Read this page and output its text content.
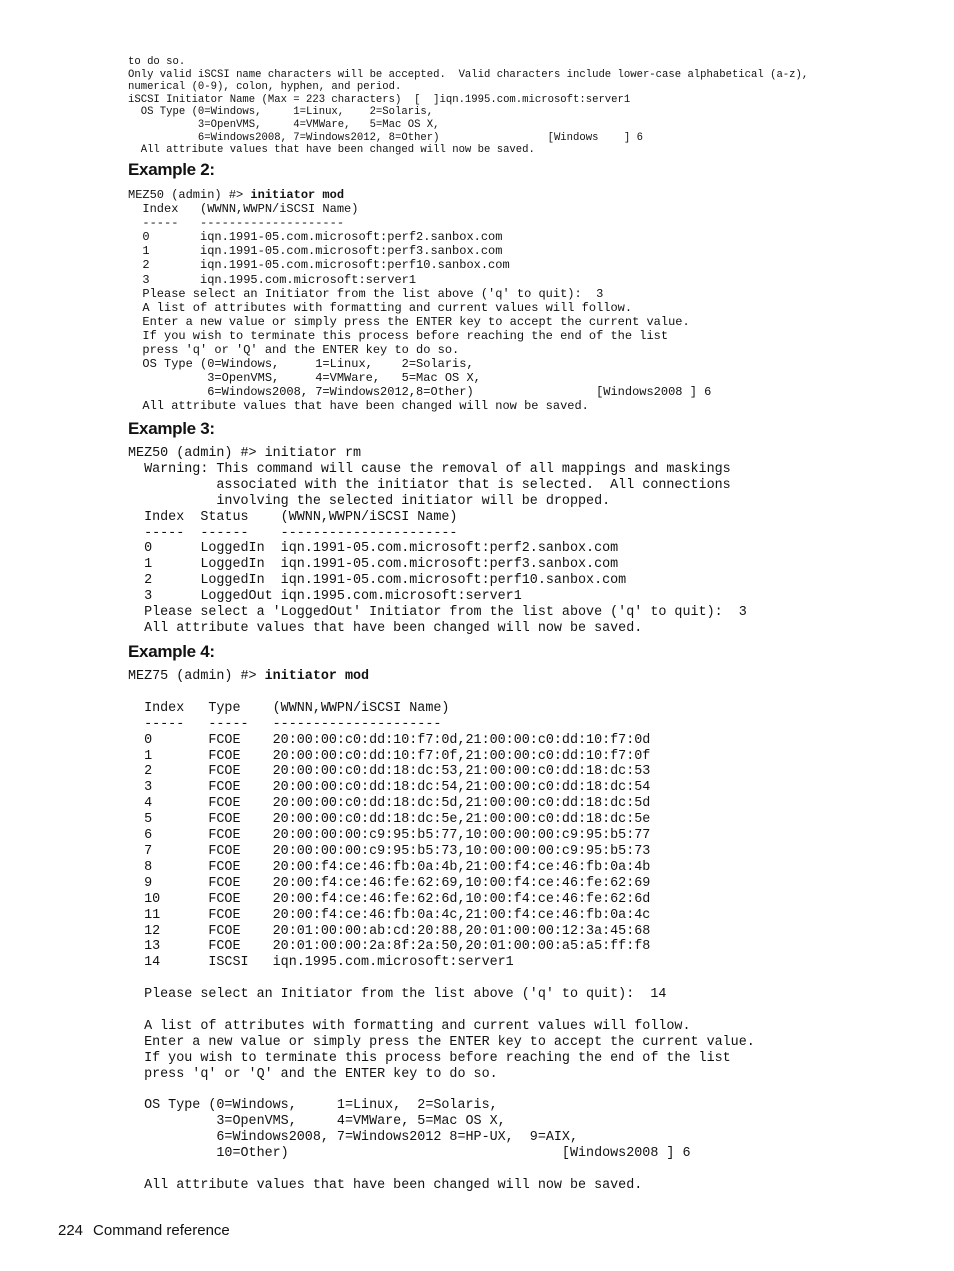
to do so.
Only valid iSCSI name characters will be accepted.  Valid characters include lower-case alphabetical (a-z),
numerical (0-9), colon, hyphen, and period.
iSCSI Initiator Name (Max = 223 characters)  [  ]iqn.1995.com.microsoft:server1
OS Type (0=Windows,     1=Linux,    2=Solaris,
3=OpenVMS,     4=VMWare,   5=Mac OS X,
6=Windows2008, 7=Windows2012, 8=Other)                 [Windows    ] 6
All attribute values that have been changed will now be saved.
Example 2:
MEZ50 (admin) #> initiator mod
Index   (WWNN,WWPN/iSCSI Name)
-----   --------------------
0       iqn.1991-05.com.microsoft:perf2.sanbox.com
1       iqn.1991-05.com.microsoft:perf3.sanbox.com
2       iqn.1991-05.com.microsoft:perf10.sanbox.com
3       iqn.1995.com.microsoft:server1
Please select an Initiator from the list above ('q' to quit):  3
A list of attributes with formatting and current values will follow.
Enter a new value or simply press the ENTER key to accept the current value.
If you wish to terminate this process before reaching the end of the list
press 'q' or 'Q' and the ENTER key to do so.
OS Type (0=Windows,     1=Linux,    2=Solaris,
3=OpenVMS,     4=VMWare,   5=Mac OS X,
6=Windows2008, 7=Windows2012,8=Other)                 [Windows2008 ] 6
All attribute values that have been changed will now be saved.
Example 3:
MEZ50 (admin) #> initiator rm
Warning: This command will cause the removal of all mappings and maskings
associated with the initiator that is selected.  All connections
involving the selected initiator will be dropped.
Index  Status    (WWNN,WWPN/iSCSI Name)
-----  ------    ----------------------
0      LoggedIn  iqn.1991-05.com.microsoft:perf2.sanbox.com
1      LoggedIn  iqn.1991-05.com.microsoft:perf3.sanbox.com
2      LoggedIn  iqn.1991-05.com.microsoft:perf10.sanbox.com
3      LoggedOut iqn.1995.com.microsoft:server1
Please select a 'LoggedOut' Initiator from the list above ('q' to quit):  3
All attribute values that have been changed will now be saved.
Example 4:
MEZ75 (admin) #> initiator mod

Index   Type    (WWNN,WWPN/iSCSI Name)
-----   -----   ---------------------
0       FCOE    20:00:00:c0:dd:10:f7:0d,21:00:00:c0:dd:10:f7:0d
1       FCOE    20:00:00:c0:dd:10:f7:0f,21:00:00:c0:dd:10:f7:0f
2       FCOE    20:00:00:c0:dd:18:dc:53,21:00:00:c0:dd:18:dc:53
3       FCOE    20:00:00:c0:dd:18:dc:54,21:00:00:c0:dd:18:dc:54
4       FCOE    20:00:00:c0:dd:18:dc:5d,21:00:00:c0:dd:18:dc:5d
5       FCOE    20:00:00:c0:dd:18:dc:5e,21:00:00:c0:dd:18:dc:5e
6       FCOE    20:00:00:00:c9:95:b5:77,10:00:00:00:c9:95:b5:77
7       FCOE    20:00:00:00:c9:95:b5:73,10:00:00:00:c9:95:b5:73
8       FCOE    20:00:f4:ce:46:fb:0a:4b,21:00:f4:ce:46:fb:0a:4b
9       FCOE    20:00:f4:ce:46:fe:62:69,10:00:f4:ce:46:fe:62:69
10      FCOE    20:00:f4:ce:46:fe:62:6d,10:00:f4:ce:46:fe:62:6d
11      FCOE    20:00:f4:ce:46:fb:0a:4c,21:00:f4:ce:46:fb:0a:4c
12      FCOE    20:01:00:00:ab:cd:20:88,20:01:00:00:12:3a:45:68
13      FCOE    20:01:00:00:2a:8f:2a:50,20:01:00:00:a5:a5:ff:f8
14      ISCSI   iqn.1995.com.microsoft:server1

Please select an Initiator from the list above ('q' to quit):  14

A list of attributes with formatting and current values will follow.
Enter a new value or simply press the ENTER key to accept the current value.
If you wish to terminate this process before reaching the end of the list
press 'q' or 'Q' and the ENTER key to do so.

OS Type (0=Windows,     1=Linux,  2=Solaris,
3=OpenVMS,     4=VMWare, 5=Mac OS X,
6=Windows2008, 7=Windows2012 8=HP-UX,  9=AIX,
10=Other)                                  [Windows2008 ] 6

All attribute values that have been changed will now be saved.
224 Command reference
